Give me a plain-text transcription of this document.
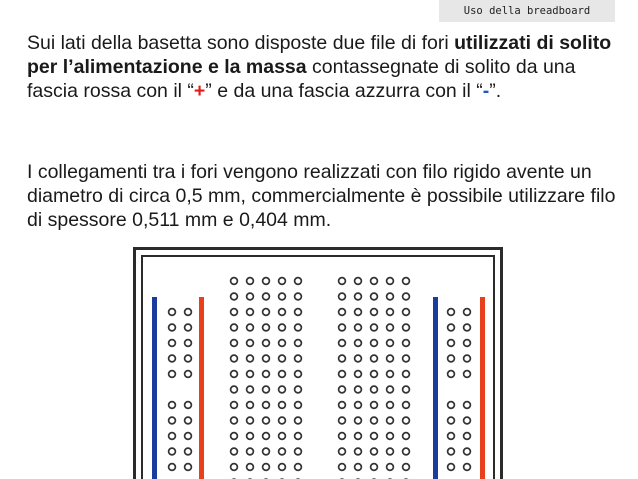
Uso della breadboard

Sui lati della basetta sono disposte due file di fori utilizzati di solito per l’alimentazione e la massa contassegnate di solito da una fascia rossa con il “+” e da una fascia azzurra con il “-”.

I collegamenti tra i fori vengono realizzati con filo rigido avente un diametro di circa 0,5 mm, commercialmente è possibile utilizzare filo di spessore 0,511 mm e 0,404 mm.
